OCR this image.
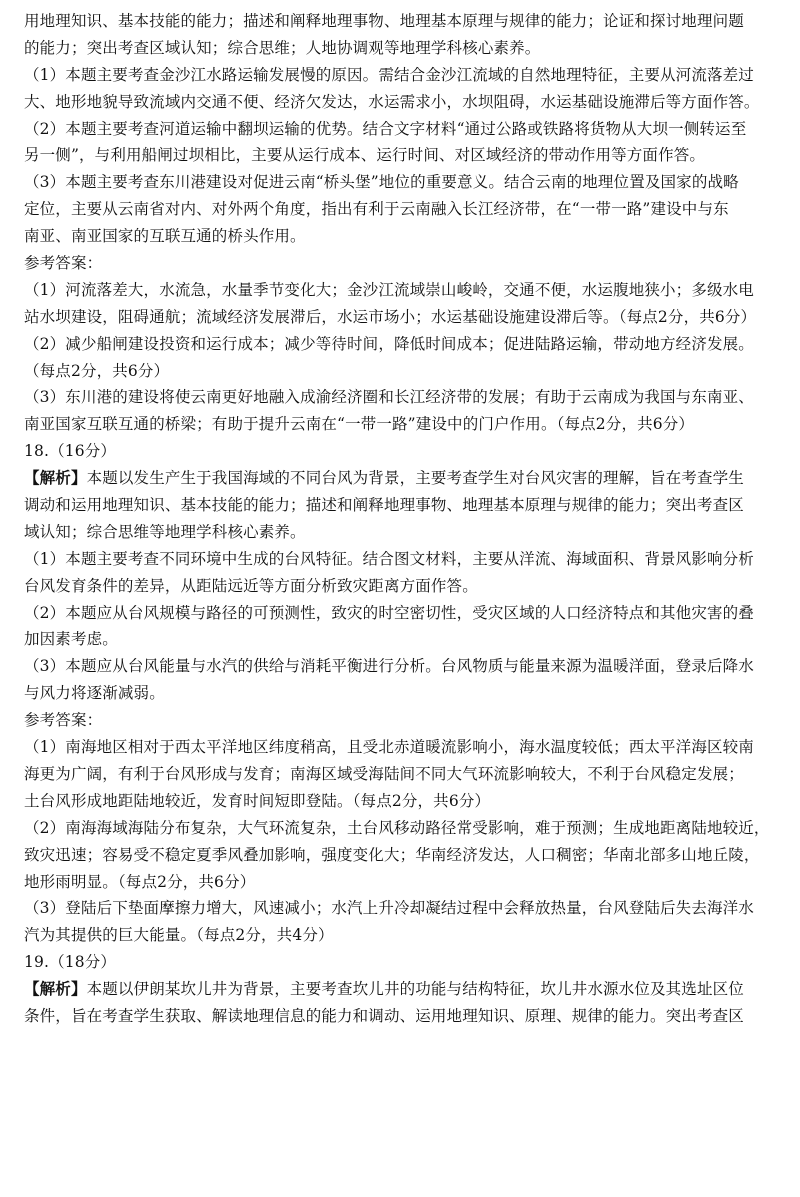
用地理知识、基本技能的能力；描述和阐释地理事物、地理基本原理与规律的能力；论证和探讨地理问题
的能力；突出考查区域认知；综合思维；人地协调观等地理学科核心素养。
（1）本题主要考查金沙江水路运输发展慢的原因。需结合金沙江流域的自然地理特征，主要从河流落差过
大、地形地貌导致流域内交通不便、经济欠发达，水运需求小，水坝阻碍，水运基础设施滞后等方面作答。
（2）本题主要考查河道运输中翻坝运输的优势。结合文字材料“通过公路或铁路将货物从大坝一侧转运至
另一侧”，与利用船闸过坝相比，主要从运行成本、运行时间、对区域经济的带动作用等方面作答。
（3）本题主要考查东川港建设对促进云南“桥头堡”地位的重要意义。结合云南的地理位置及国家的战略
定位，主要从云南省对内、对外两个角度，指出有利于云南融入长江经济带，在“一带一路”建设中与东
南亚、南亚国家的互联互通的桥头作用。
参考答案：
（1）河流落差大，水流急，水量季节变化大；金沙江流域崇山峻岭，交通不便，水运腹地狭小；多级水电
站水坝建设，阻碍通航；流域经济发展滞后，水运市场小；水运基础设施建设滞后等。（每点2分，共6分）
（2）减少船闸建设投资和运行成本；减少等待时间，降低时间成本；促进陆路运输，带动地方经济发展。
（每点2分，共6分）
（3）东川港的建设将使云南更好地融入成渝经济圈和长江经济带的发展；有助于云南成为我国与东南亚、
南亚国家互联互通的桥梁；有助于提升云南在“一带一路”建设中的门户作用。（每点2分，共6分）
18.（16分）
【解析】本题以发生产生于我国海域的不同台风为背景，主要考查学生对台风灾害的理解，旨在考查学生
调动和运用地理知识、基本技能的能力；描述和阐释地理事物、地理基本原理与规律的能力；突出考查区
域认知；综合思维等地理学科核心素养。
（1）本题主要考查不同环境中生成的台风特征。结合图文材料，主要从洋流、海域面积、背景风影响分析
台风发育条件的差异，从距陆远近等方面分析致灾距离方面作答。
（2）本题应从台风规模与路径的可预测性，致灾的时空密切性，受灾区域的人口经济特点和其他灾害的叠
加因素考虑。
（3）本题应从台风能量与水汽的供给与消耗平衡进行分析。台风物质与能量来源为温暖洋面，登录后降水
与风力将逐渐减弱。
参考答案：
（1）南海地区相对于西太平洋地区纬度稍高，且受北赤道暖流影响小，海水温度较低；西太平洋海区较南
海更为广阔，有利于台风形成与发育；南海区域受海陆间不同大气环流影响较大，不利于台风稳定发展；
土台风形成地距陆地较近，发育时间短即登陆。（每点2分，共6分）
（2）南海海域海陆分布复杂，大气环流复杂，土台风移动路径常受影响，难于预测；生成地距离陆地较近，
致灾迅速；容易受不稳定夏季风叠加影响，强度变化大；华南经济发达，人口稠密；华南北部多山地丘陵，
地形雨明显。（每点2分，共6分）
（3）登陆后下垫面摩擦力增大，风速减小；水汽上升冷却凝结过程中会释放热量，台风登陆后失去海洋水
汽为其提供的巨大能量。（每点2分，共4分）
19.（18分）
【解析】本题以伊朗某坎儿井为背景，主要考查坎儿井的功能与结构特征，坎儿井水源水位及其选址区位
条件，旨在考查学生获取、解读地理信息的能力和调动、运用地理知识、原理、规律的能力。突出考查区
